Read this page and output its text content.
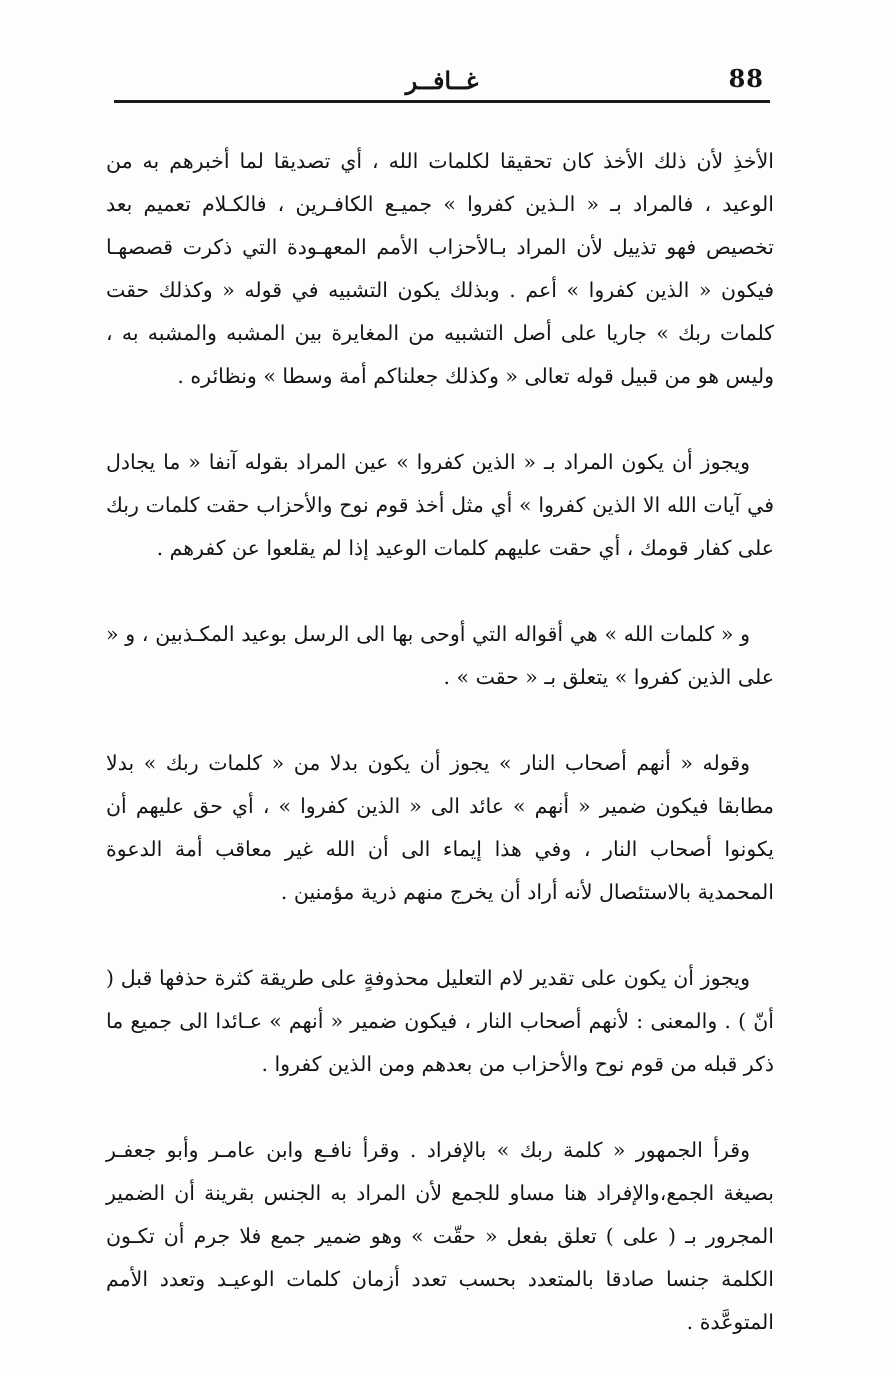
88
غــافــر

الأخذِ لأن ذلك الأخذ كان تحقيقا لكلمات الله ، أي تصديقا لما أخبرهم به من الوعيد ، فالمراد بـ « الـذين كفروا » جميـع الكافـرين ، فالكـلام تعميم بعد تخصيص فهو تذييل لأن المراد بـالأحزاب الأمم المعهـودة التي ذكرت قصصهـا فيكون « الذين كفروا » أعم . وبذلك يكون التشبيه في قوله « وكذلك حقت كلمات ربك » جاريا على أصل التشبيه من المغايرة بين المشبه والمشبه به ، وليس هو من قبيل قوله تعالى « وكذلك جعلناكم أمة وسطا » ونظائره .

ويجوز أن يكون المراد بـ « الذين كفروا » عين المراد بقوله آنفا « ما يجادل في آيات الله الا الذين كفروا » أي مثل أخذ قوم نوح والأحزاب حقت كلمات ربك على كفار قومك ، أي حقت عليهم كلمات الوعيد إذا لم يقلعوا عن كفرهم .

و « كلمات الله » هي أقواله التي أوحى بها الى الرسل بوعيد المكـذبين ، و « على الذين كفروا » يتعلق بـ « حقت » .

وقوله « أنهم أصحاب النار » يجوز أن يكون بدلا من « كلمات ربك » بدلا مطابقا فيكون ضمير « أنهم » عائد الى « الذين كفروا » ، أي حق عليهم أن يكونوا أصحاب النار ، وفي هذا إيماء الى أن الله غير معاقب أمة الدعوة المحمدية بالاستئصال لأنه أراد أن يخرج منهم ذرية مؤمنين .

ويجوز أن يكون على تقدير لام التعليل محذوفةٍ على طريقة كثرة حذفها قبل ( أنّ ) . والمعنى : لأنهم أصحاب النار ، فيكون ضمير « أنهم » عـائدا الى جميع ما ذكر قبله من قوم نوح والأحزاب من بعدهم ومن الذين كفروا .

وقرأ الجمهور « كلمة ربك » بالإفراد . وقرأ نافـع وابن عامـر وأبو جعفـر بصيغة الجمع،والإفراد هنا مساو للجمع لأن المراد به الجنس بقرينة أن الضمير المجرور بـ ( على ) تعلق بفعل « حقّت » وهو ضمير جمع فلا جرم أن تكـون الكلمة جنسا صادقا بالمتعدد بحسب تعدد أزمان كلمات الوعيـد وتعدد الأمم المتوعَّدة .
